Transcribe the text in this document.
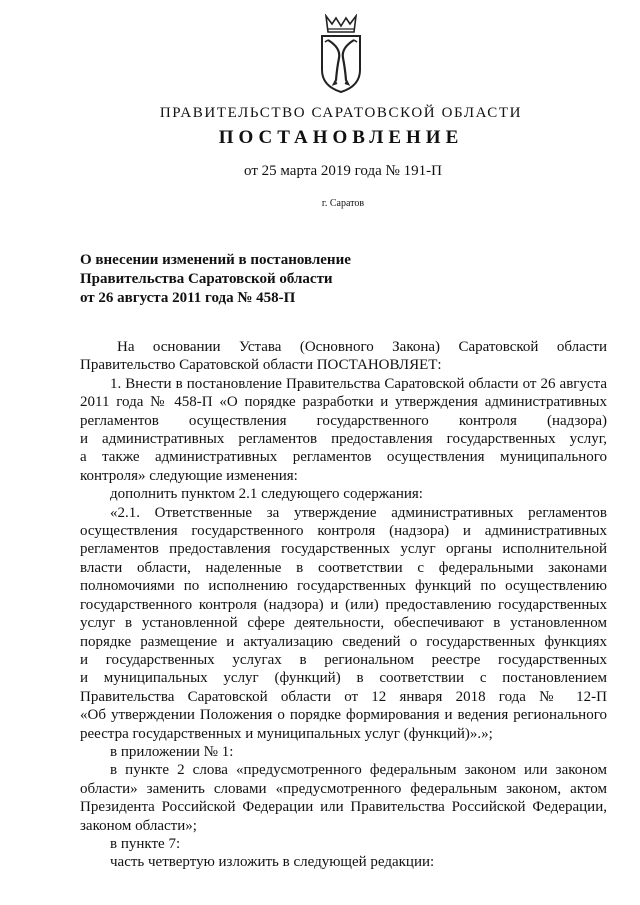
ПРАВИТЕЛЬСТВО САРАТОВСКОЙ ОБЛАСТИ
ПОСТАНОВЛЕНИЕ
от 25 марта 2019 года № 191-П
г. Саратов
О внесении изменений в постановление
Правительства Саратовской области
от 26 августа 2011 года № 458-П
На основании Устава (Основного Закона) Саратовской области
Правительство Саратовской области ПОСТАНОВЛЯЕТ:
1. Внести в постановление Правительства Саратовской области от 26 августа
2011 года № 458-П «О порядке разработки и утверждения административных
регламентов осуществления государственного контроля (надзора)
и административных регламентов предоставления государственных услуг,
а также административных регламентов осуществления муниципального
контроля» следующие изменения:
дополнить пунктом 2.1 следующего содержания:
«2.1. Ответственные за утверждение административных регламентов
осуществления государственного контроля (надзора) и административных
регламентов предоставления государственных услуг органы исполнительной
власти области, наделенные в соответствии с федеральными законами
полномочиями по исполнению государственных функций по осуществлению
государственного контроля (надзора) и (или) предоставлению государственных
услуг в установленной сфере деятельности, обеспечивают в установленном
порядке размещение и актуализацию сведений о государственных функциях
и государственных услугах в региональном реестре государственных
и муниципальных услуг (функций) в соответствии с постановлением
Правительства Саратовской области от 12 января 2018 года № 12-П
«Об утверждении Положения о порядке формирования и ведения регионального
реестра государственных и муниципальных услуг (функций)».»;
в приложении № 1:
в пункте 2 слова «предусмотренного федеральным законом или законом
области» заменить словами «предусмотренного федеральным законом, актом
Президента Российской Федерации или Правительства Российской Федерации,
законом области»;
в пункте 7:
часть четвертую изложить в следующей редакции:
